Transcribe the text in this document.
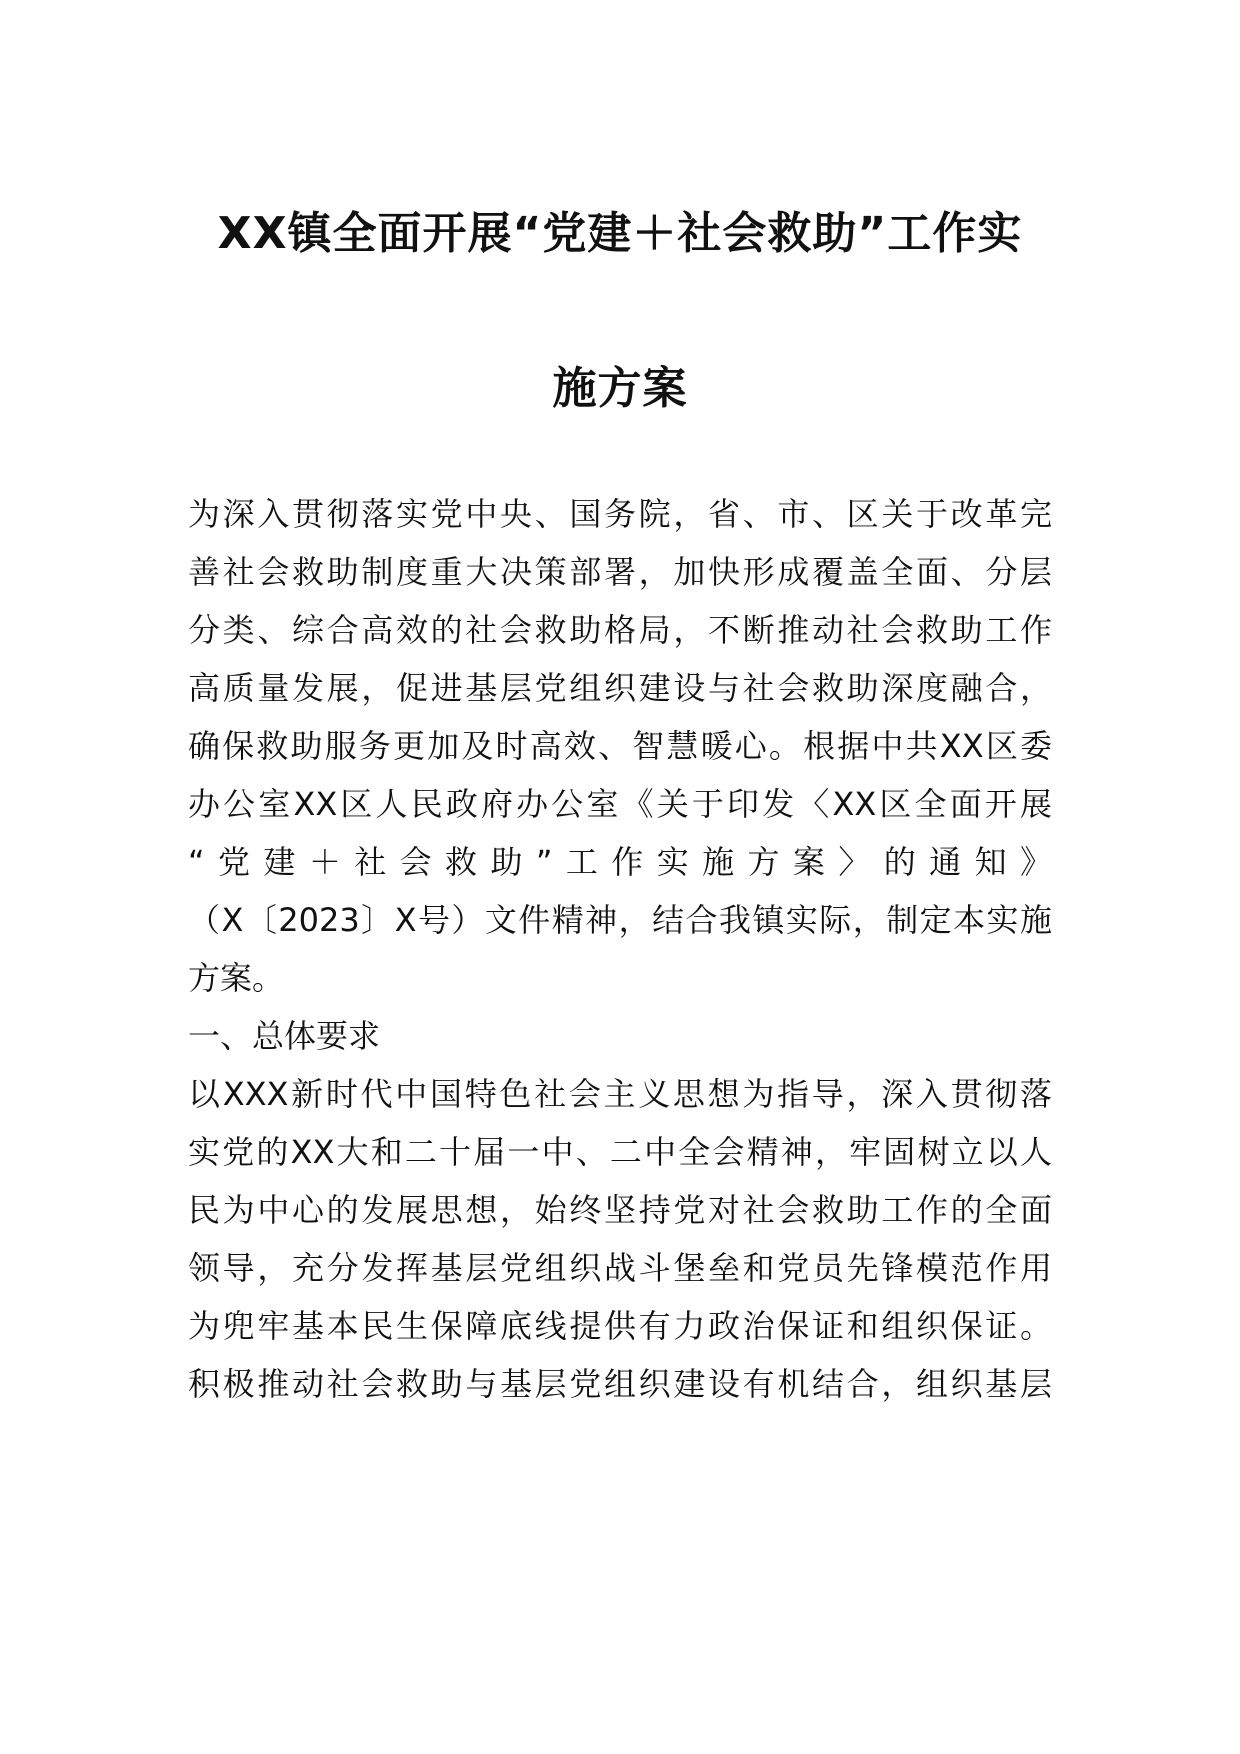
XX镇全面开展“党建＋社会救助”工作实
施方案
为深入贯彻落实党中央、国务院，省、市、区关于改革完
善社会救助制度重大决策部署，加快形成覆盖全面、分层
分类、综合高效的社会救助格局，不断推动社会救助工作
高质量发展，促进基层党组织建设与社会救助深度融合，
确保救助服务更加及时高效、智慧暖心。根据中共XX区委
办公室XX区人民政府办公室《关于印发〈XX区全面开展
“党建＋社会救助”工作实施方案〉的通知》
（X〔2023〕X号）文件精神，结合我镇实际，制定本实施
方案。
一、总体要求
以XXX新时代中国特色社会主义思想为指导，深入贯彻落
实党的XX大和二十届一中、二中全会精神，牢固树立以人
民为中心的发展思想，始终坚持党对社会救助工作的全面
领导，充分发挥基层党组织战斗堡垒和党员先锋模范作用
为兜牢基本民生保障底线提供有力政治保证和组织保证。
积极推动社会救助与基层党组织建设有机结合，组织基层
